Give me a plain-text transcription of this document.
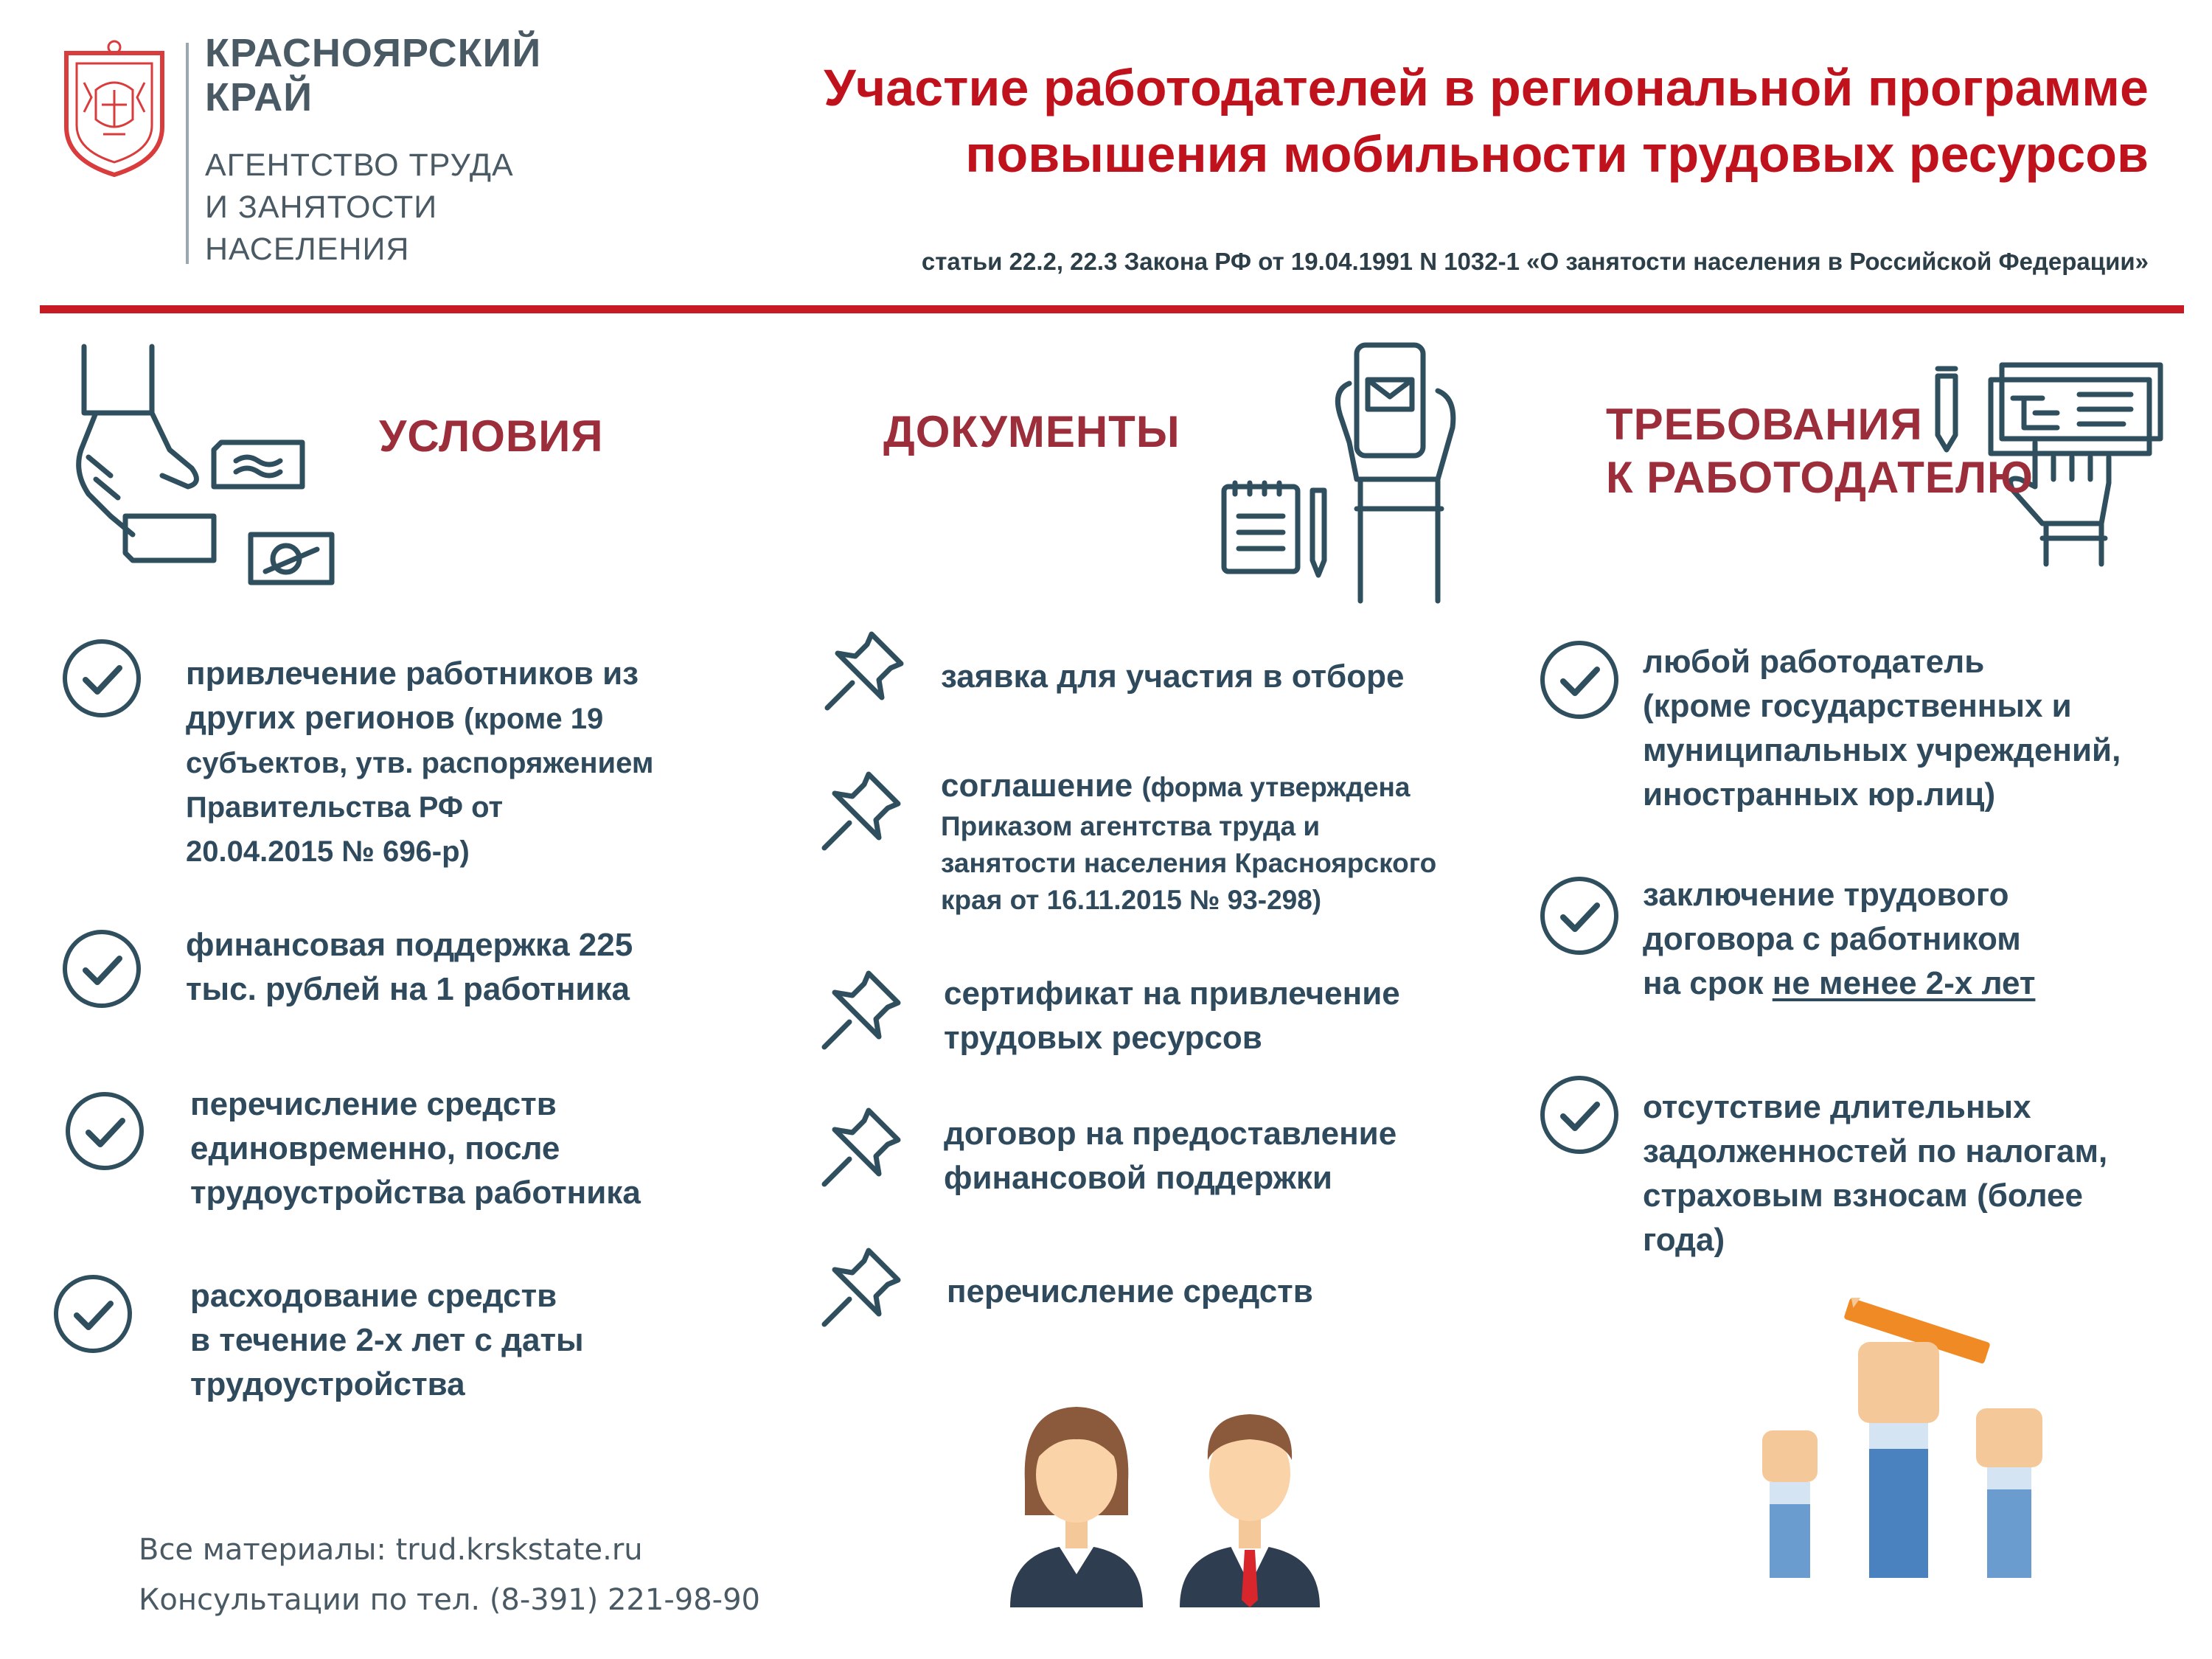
КРАСНОЯРСКИЙ
КРАЙ
АГЕНТСТВО ТРУДА
И ЗАНЯТОСТИ
НАСЕЛЕНИЯ
Участие работодателей в региональной программе
повышения мобильности трудовых ресурсов
статьи 22.2, 22.3 Закона РФ от 19.04.1991 N 1032-1 «О занятости населения в Российской Федерации»
УСЛОВИЯ	ДОКУМЕНТЫ	ТРЕБОВАНИЯ
К РАБОТОДАТЕЛЮ

привлечение работников из

других регионов (кроме 19

субъектов, утв. распоряжением

Правительства РФ от

20.04.2015 № 696-р)

финансовая поддержка 225

тыс. рублей на 1 работника

перечисление средств

единовременно, после

трудоустройства работника

расходование средств

в течение 2-х лет с даты

трудоустройства

заявка для участия в отборе

соглашение (форма утверждена

Приказом агентства труда и

занятости населения Красноярского

края от 16.11.2015 № 93-298)

сертификат на привлечение

трудовых ресурсов

договор на предоставление

финансовой поддержки

перечисление средств

любой работодатель

(кроме государственных и

муниципальных учреждений,

иностранных юр.лиц)

заключение трудового

договора с работником

на срок не менее 2-х лет

отсутствие длительных

задолженностей по налогам,

страховым взносам (более

года)

Все материалы: trud.krskstate.ru
Консультации по тел. (8-391) 221-98-90
